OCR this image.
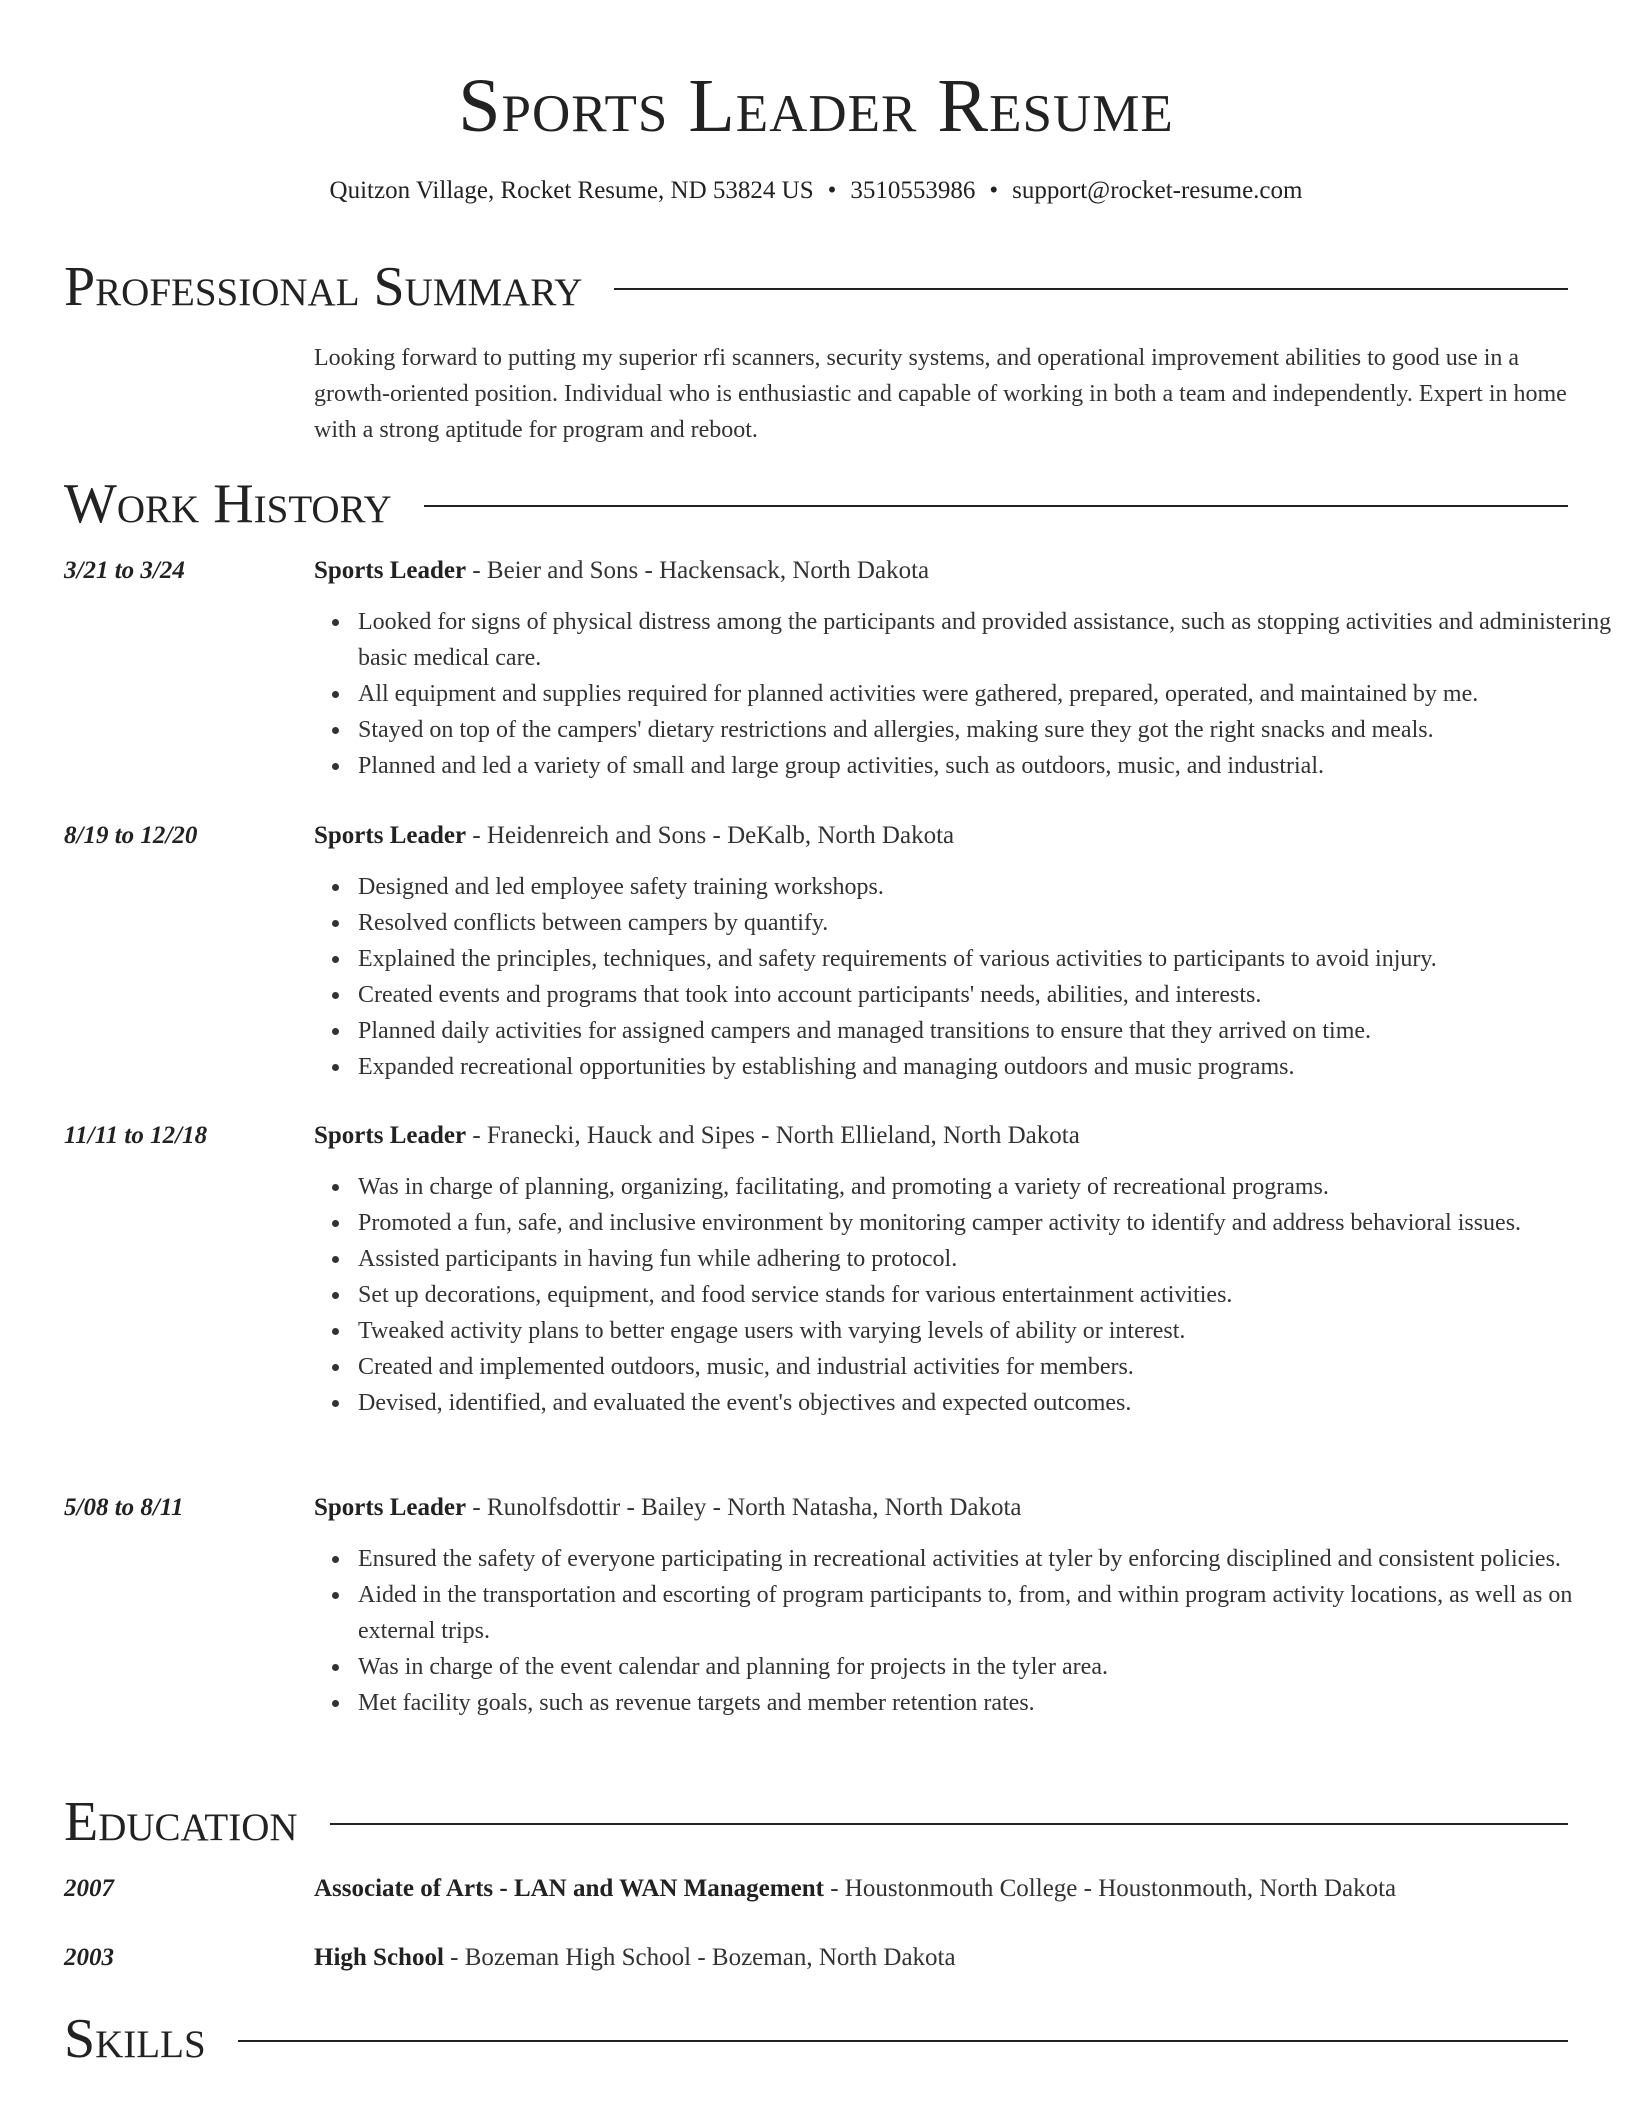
Sports Leader Resume
Quitzon Village, Rocket Resume, ND 53824 US • 3510553986 • support@rocket-resume.com
Professional Summary
Looking forward to putting my superior rfi scanners, security systems, and operational improvement abilities to good use in a growth-oriented position. Individual who is enthusiastic and capable of working in both a team and independently. Expert in home with a strong aptitude for program and reboot.
Work History
3/21 to 3/24	Sports Leader - Beier and Sons - Hackensack, North Dakota
Looked for signs of physical distress among the participants and provided assistance, such as stopping activities and administering basic medical care.
All equipment and supplies required for planned activities were gathered, prepared, operated, and maintained by me.
Stayed on top of the campers' dietary restrictions and allergies, making sure they got the right snacks and meals.
Planned and led a variety of small and large group activities, such as outdoors, music, and industrial.
8/19 to 12/20	Sports Leader - Heidenreich and Sons - DeKalb, North Dakota
Designed and led employee safety training workshops.
Resolved conflicts between campers by quantify.
Explained the principles, techniques, and safety requirements of various activities to participants to avoid injury.
Created events and programs that took into account participants' needs, abilities, and interests.
Planned daily activities for assigned campers and managed transitions to ensure that they arrived on time.
Expanded recreational opportunities by establishing and managing outdoors and music programs.
11/11 to 12/18	Sports Leader - Franecki, Hauck and Sipes - North Ellieland, North Dakota
Was in charge of planning, organizing, facilitating, and promoting a variety of recreational programs.
Promoted a fun, safe, and inclusive environment by monitoring camper activity to identify and address behavioral issues.
Assisted participants in having fun while adhering to protocol.
Set up decorations, equipment, and food service stands for various entertainment activities.
Tweaked activity plans to better engage users with varying levels of ability or interest.
Created and implemented outdoors, music, and industrial activities for members.
Devised, identified, and evaluated the event's objectives and expected outcomes.
5/08 to 8/11	Sports Leader - Runolfsdottir - Bailey - North Natasha, North Dakota
Ensured the safety of everyone participating in recreational activities at tyler by enforcing disciplined and consistent policies.
Aided in the transportation and escorting of program participants to, from, and within program activity locations, as well as on external trips.
Was in charge of the event calendar and planning for projects in the tyler area.
Met facility goals, such as revenue targets and member retention rates.
Education
2007	Associate of Arts - LAN and WAN Management - Houstonmouth College - Houstonmouth, North Dakota
2003	High School - Bozeman High School - Bozeman, North Dakota
Skills
